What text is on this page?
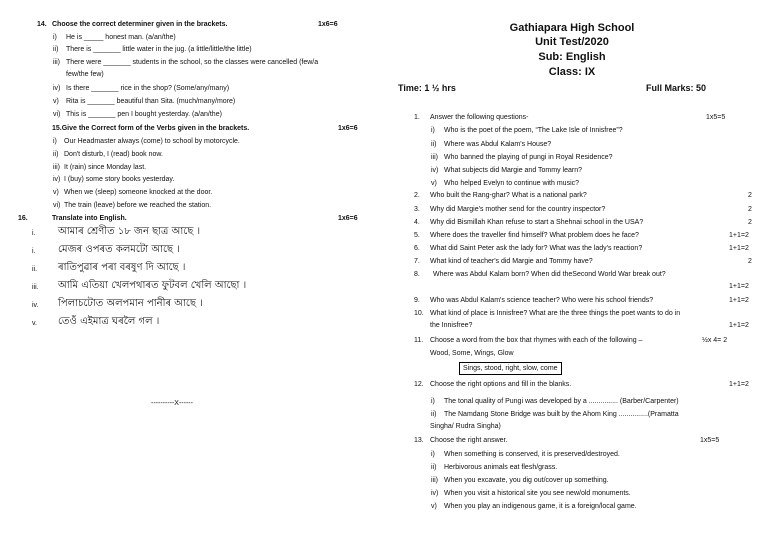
14. Choose the correct determiner given in the brackets.	1x6=6
i) He is _____ honest man. (a/an/the)
ii) There is _______ little water in the jug. (a little/little/the little)
iii) There were _______ students in the school, so the classes were cancelled (few/a
few/the few)
iv) Is there _______ rice in the shop? (Some/any/many)
v) Rita is _______ beautiful than Sita. (much/many/more)
vi) This is _______ pen I bought yesterday. (a/an/the)
15.Give the Correct form of the Verbs given in the brackets.	1x6=6
i) Our Headmaster always (come) to school by motorcycle.
ii) Don't disturb, I (read) book now.
iii) It (rain) since Monday last.
iv) I (buy) some story books yesterday.
v) When we (sleep) someone knocked at the door.
vi) The train (leave) before we reached the station.
16.	Translate into English.	1x6=6
i. আমাৰ শ্ৰেণীত ১৮ জন ছাত্ৰ আছে ।
i. মেজৰ ওপৰত কলমটো আছে ।
ii. ৰাতিপুৱাৰ পৰা বৰষুণ দি আছে ।
iii. আমি এতিয়া খেলপথাৰত ফুটবল খেলি আছো ।
iv. পিলাচটোত অলপমান পানীৰ আছে ।
v. তেওঁ এইমাত্ৰ ঘৰলৈ গল ।
----------X------
Gathiapara High School
Unit Test/2020
Sub: English
Class: IX
Time: 1 ½ hrs	Full Marks: 50
1. Answer the following questions-	1x5=5
i) Who is the poet of the poem, “The Lake Isle of Innisfree”?
ii) Where was Abdul Kalam's House?
iii) Who banned the playing of pungi in Royal Residence?
iv) What subjects did Margie and Tommy learn?
v) Who helped Evelyn to continue with music?
2. Who built the Rang-ghar? What is a national park?	2
3. Why did Margie's mother send for the country inspector?	2
4. Why did Bismillah Khan refuse to start a Shehnai school in the USA?	2
5. Where does the traveller find himself? What problem does he face?	1+1=2
6. What did Saint Peter ask the lady for? What was the lady's reaction?	1+1=2
7. What kind of teacher's did Margie and Tommy have?	2
8. Where was Abdul Kalam born? When did theSecond World War break out?
1+1=2
9. Who was Abdul Kalam's science teacher? Who were his school friends?	1+1=2
10. What kind of place is Innisfree? What are the three things the poet wants to do in
the Innisfree?	1+1=2
11. Choose a word from the box that rhymes with each of the following –	½x 4= 2
Wood, Some, Wings, Glow
Sings, stood, right, slow, come
12. Choose the right options and fill in the blanks.	1+1=2
i) The tonal quality of Pungi was developed by a ............... (Barber/Carpenter)
ii) The Namdang Stone Bridge was built by the Ahom King ...............(Pramatta
Singha/ Rudra Singha)
13. Choose the right answer.	1x5=5
i) When something is conserved, it is preserved/destroyed.
ii) Herbivorous animals eat flesh/grass.
iii) When you excavate, you dig out/cover up something.
iv) When you visit a historical site you see new/old monuments.
v) When you play an indigenous game, it is a foreign/local game.
